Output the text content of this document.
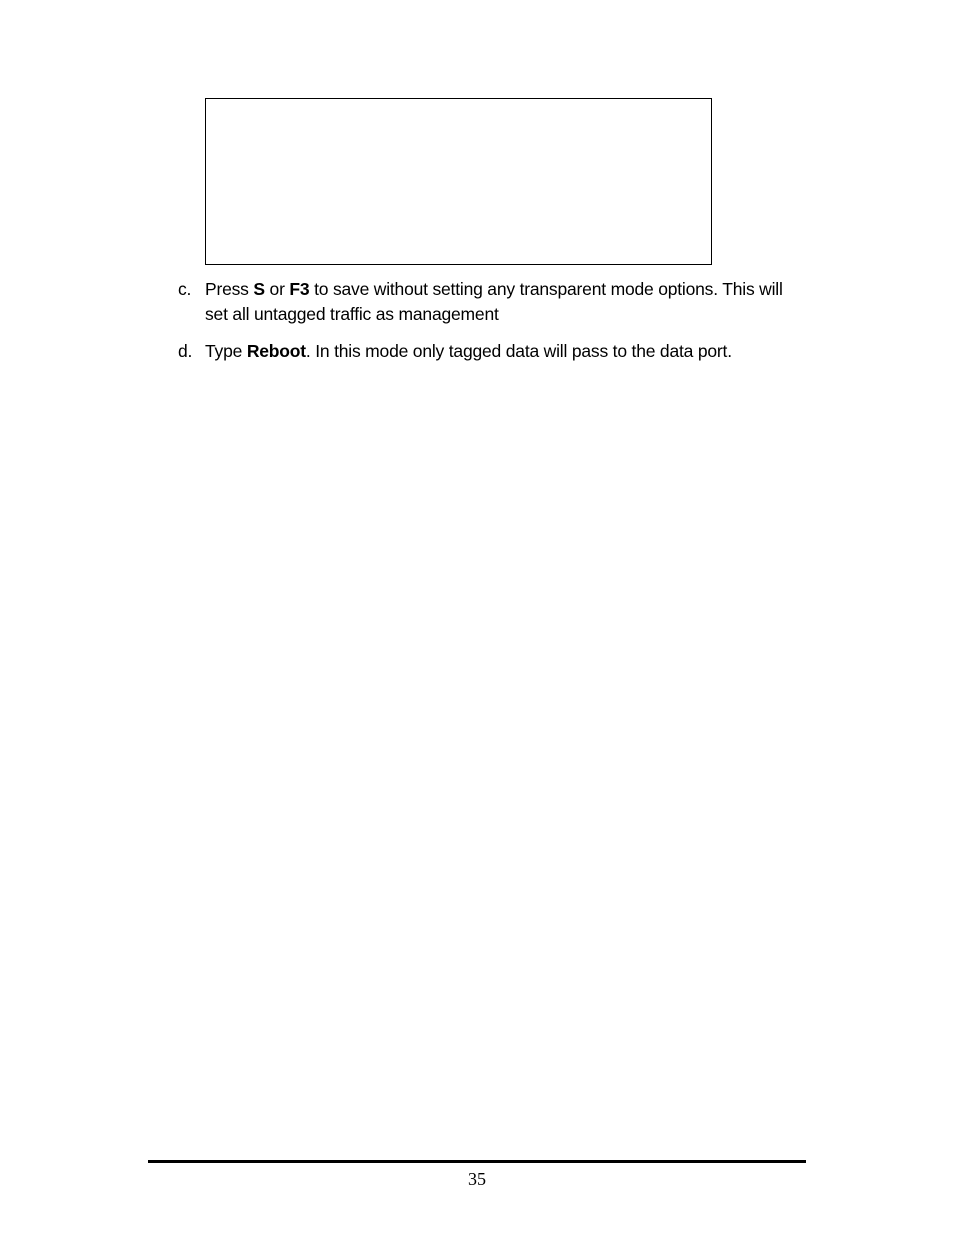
c. Press S or F3 to save without setting any transparent mode options. This will set all untagged traffic as management
d. Type Reboot. In this mode only tagged data will pass to the data port.
35
